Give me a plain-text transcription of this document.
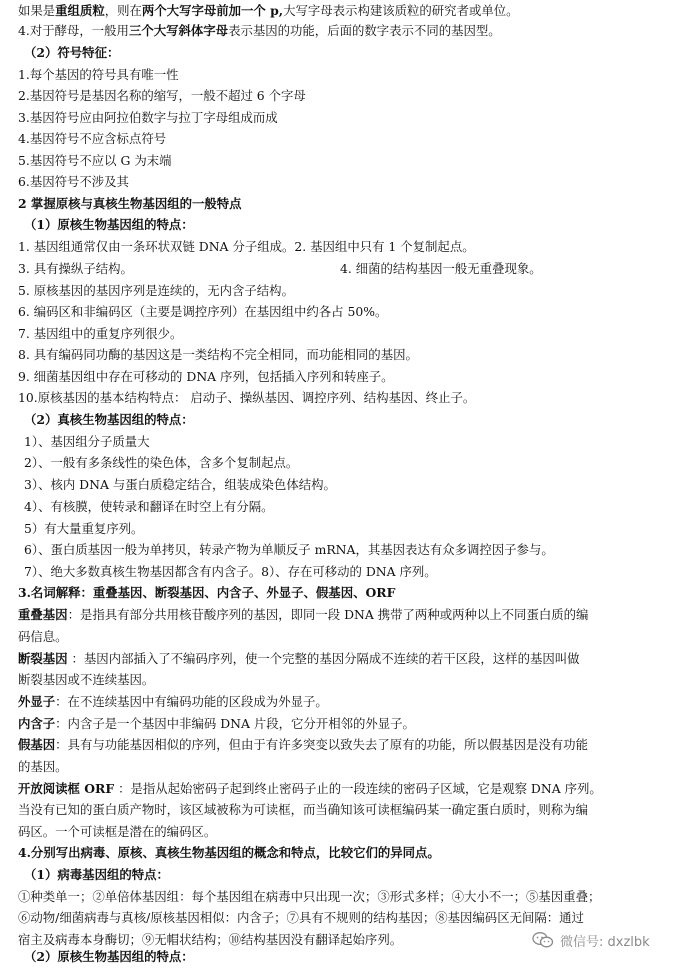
如果是重组质粒，则在两个大写字母前加一个 p,大写字母表示构建该质粒的研究者或单位。
4.对于酵母，一般用三个大写斜体字母表示基因的功能，后面的数字表示不同的基因型。
（2）符号特征：
1.每个基因的符号具有唯一性
2.基因符号是基因名称的缩写，一般不超过 6 个字母
3.基因符号应由阿拉伯数字与拉丁字母组成而成
4.基因符号不应含标点符号
5.基因符号不应以 G 为末端
6.基因符号不涉及其
2 掌握原核与真核生物基因组的一般特点
（1）原核生物基因组的特点：
1. 基因组通常仅由一条环状双链 DNA 分子组成。2. 基因组中只有 1 个复制起点。
3. 具有操纵子结构。	4. 细菌的结构基因一般无重叠现象。
5. 原核基因的基因序列是连续的，无内含子结构。
6. 编码区和非编码区（主要是调控序列）在基因组中约各占 50%。
7. 基因组中的重复序列很少。
8. 具有编码同功酶的基因这是一类结构不完全相同，而功能相同的基因。
9. 细菌基因组中存在可移动的 DNA 序列，包括插入序列和转座子。
10.原核基因的基本结构特点： 启动子、操纵基因、调控序列、结构基因、终止子。
（2）真核生物基因组的特点：
1）、基因组分子质量大
2）、一般有多条线性的染色体，含多个复制起点。
3）、核内 DNA 与蛋白质稳定结合，组装成染色体结构。
4）、有核膜，使转录和翻译在时空上有分隔。
5）有大量重复序列。
6）、蛋白质基因一般为单拷贝，转录产物为单顺反子 mRNA，其基因表达有众多调控因子参与。
7）、绝大多数真核生物基因都含有内含子。8）、存在可移动的 DNA 序列。
3.名词解释：重叠基因、断裂基因、内含子、外显子、假基因、ORF
重叠基因：是指具有部分共用核苷酸序列的基因，即同一段 DNA 携带了两种或两种以上不同蛋白质的编
码信息。
断裂基因 ：基因内部插入了不编码序列，使一个完整的基因分隔成不连续的若干区段，这样的基因叫做
断裂基因或不连续基因。
外显子：在不连续基因中有编码功能的区段成为外显子。
内含子：内含子是一个基因中非编码 DNA 片段，它分开相邻的外显子。
假基因：具有与功能基因相似的序列，但由于有许多突变以致失去了原有的功能，所以假基因是没有功能
的基因。
开放阅读框 ORF ：是指从起始密码子起到终止密码子止的一段连续的密码子区域，它是观察 DNA 序列。
当没有已知的蛋白质产物时，该区域被称为可读框，而当确知该可读框编码某一确定蛋白质时，则称为编
码区。一个可读框是潜在的编码区。
4.分别写出病毒、原核、真核生物基因组的概念和特点，比较它们的异同点。
（1）病毒基因组的特点：
①种类单一；②单倍体基因组：每个基因组在病毒中只出现一次；③形式多样；④大小不一；⑤基因重叠；
⑥动物/细菌病毒与真核/原核基因相似：内含子；⑦具有不规则的结构基因；⑧基因编码区无间隔：通过
宿主及病毒本身酶切；⑨无帽状结构；⑩结构基因没有翻译起始序列。
（2）原核生物基因组的特点：
微信号: dxzlbk
